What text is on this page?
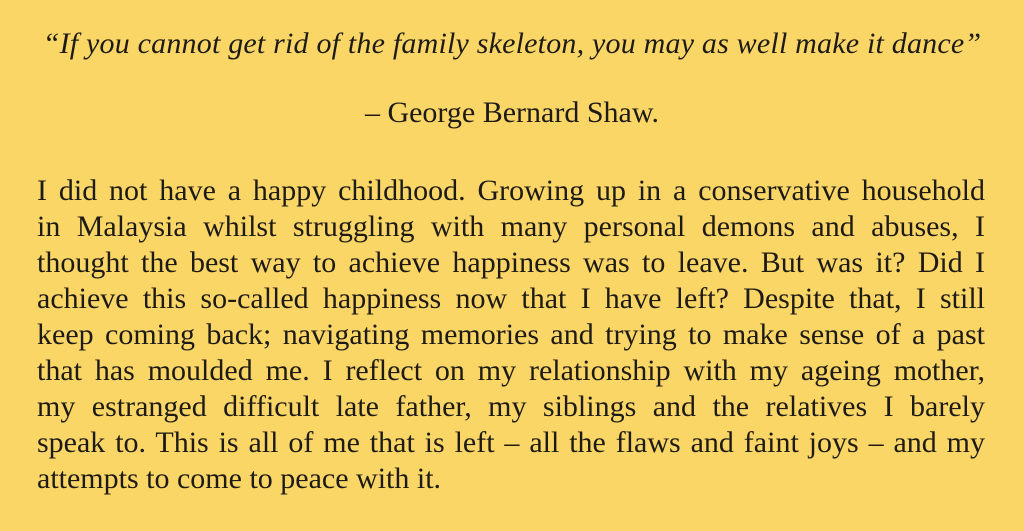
“If you cannot get rid of the family skeleton, you may as well make it dance”
– George Bernard Shaw.
I did not have a happy childhood. Growing up in a conservative household
in Malaysia whilst struggling with many personal demons and abuses, I
thought the best way to achieve happiness was to leave. But was it? Did I
achieve this so-called happiness now that I have left? Despite that, I still
keep coming back; navigating memories and trying to make sense of a past
that has moulded me. I reflect on my relationship with my ageing mother,
my estranged difficult late father, my siblings and the relatives I barely
speak to. This is all of me that is left – all the flaws and faint joys – and my
attempts to come to peace with it.
